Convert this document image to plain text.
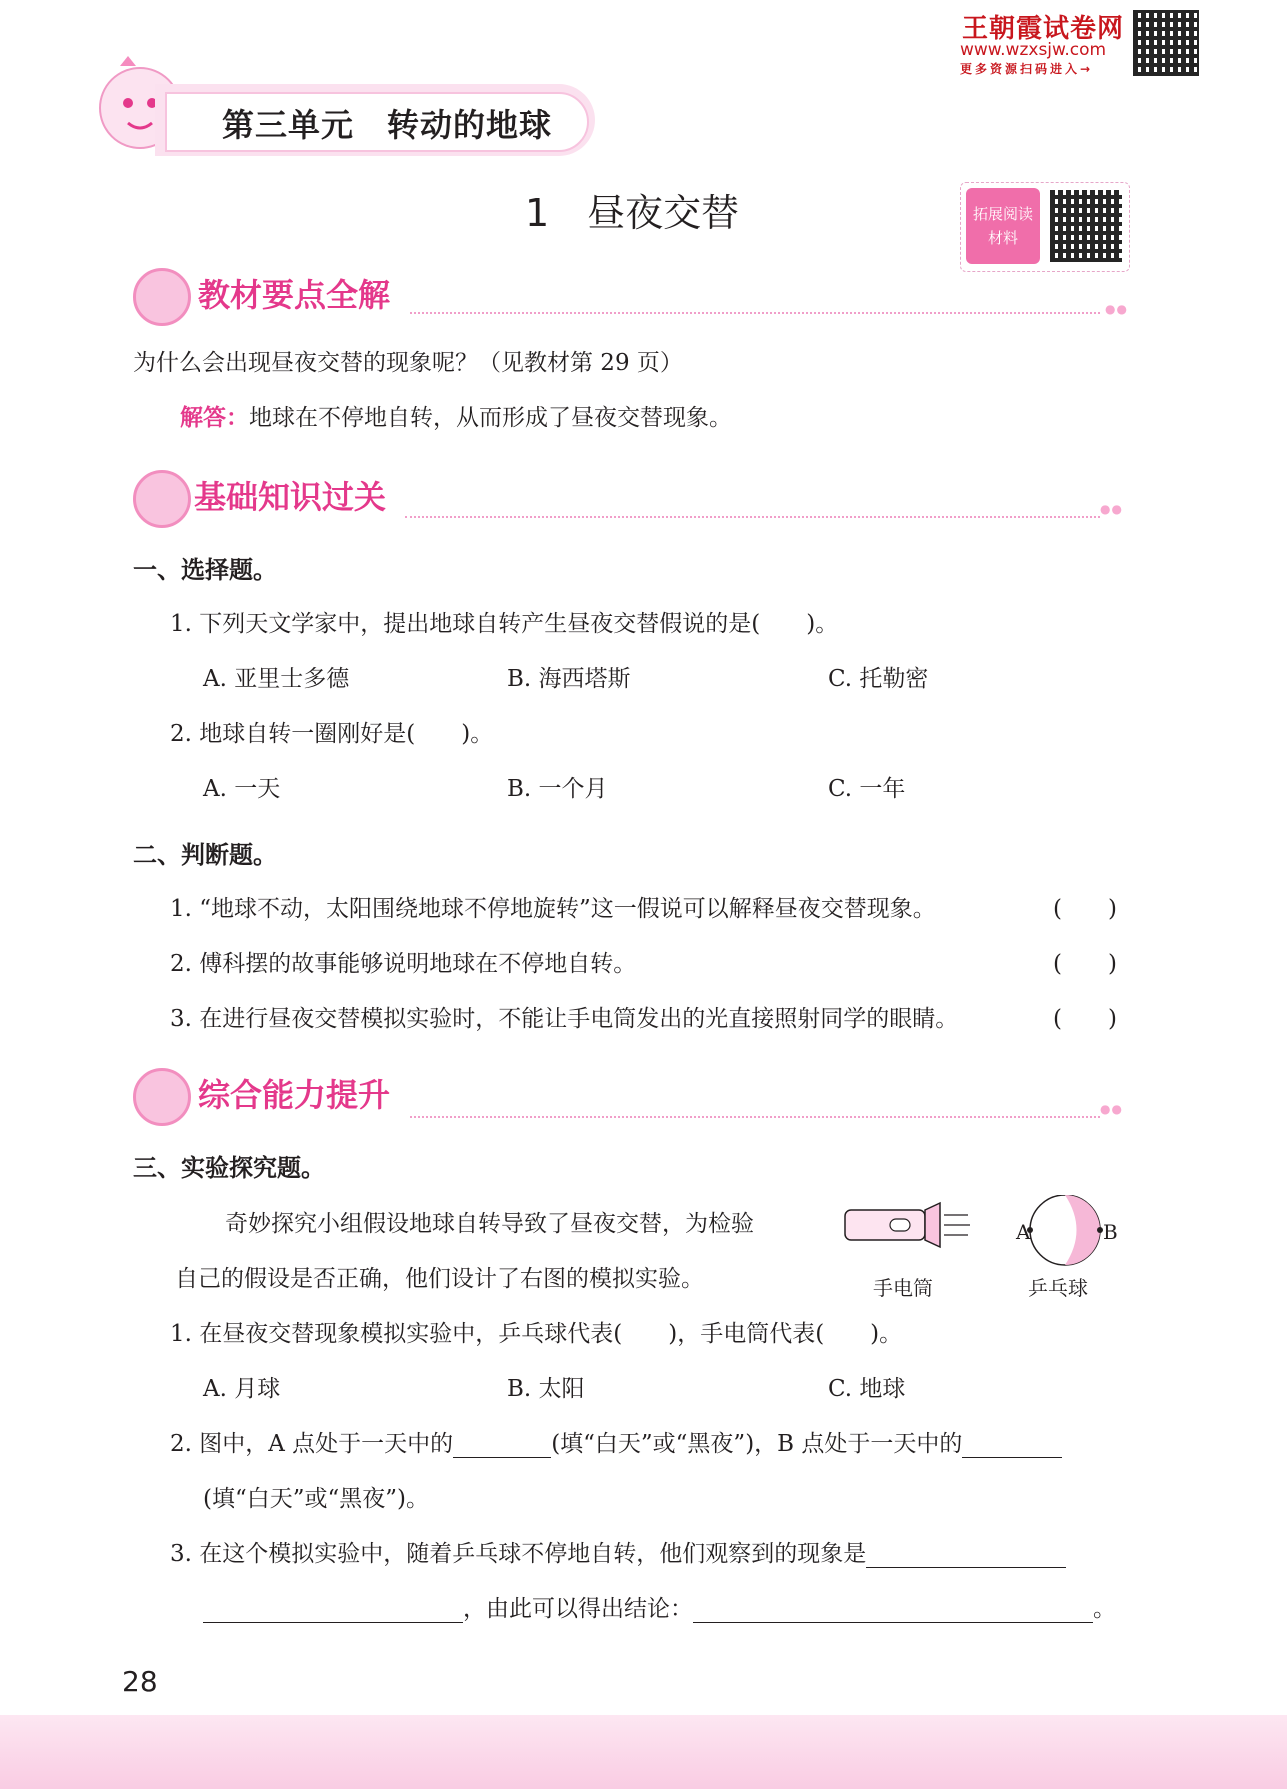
王朝霞试卷网
www.wzxsjw.com
更多资源扫码进入→
第三单元　转动的地球
1　昼夜交替	拓展阅读
材料
教材要点全解	●●
为什么会出现昼夜交替的现象呢？（见教材第 29 页）
解答：地球在不停地自转，从而形成了昼夜交替现象。
基础知识过关	●●
一、选择题。
1. 下列天文学家中，提出地球自转产生昼夜交替假说的是(　　)。
A. 亚里士多德	B. 海西塔斯	C. 托勒密
2. 地球自转一圈刚好是(　　)。
A. 一天	B. 一个月	C. 一年
二、判断题。
1. “地球不动，太阳围绕地球不停地旋转”这一假说可以解释昼夜交替现象。	(　　)
2. 傅科摆的故事能够说明地球在不停地自转。	(　　)
3. 在进行昼夜交替模拟实验时，不能让手电筒发出的光直接照射同学的眼睛。	(　　)
综合能力提升	●●
三、实验探究题。
奇妙探究小组假设地球自转导致了昼夜交替，为检验
自己的假设是否正确，他们设计了右图的模拟实验。
A	B
手电筒	乒乓球
1. 在昼夜交替现象模拟实验中，乒乓球代表(　　)，手电筒代表(　　)。
A. 月球	B. 太阳	C. 地球
2. 图中，A 点处于一天中的	(填“白天”或“黑夜”)，B 点处于一天中的
(填“白天”或“黑夜”)。
3. 在这个模拟实验中，随着乒乓球不停地自转，他们观察到的现象是
，由此可以得出结论：	。
28
